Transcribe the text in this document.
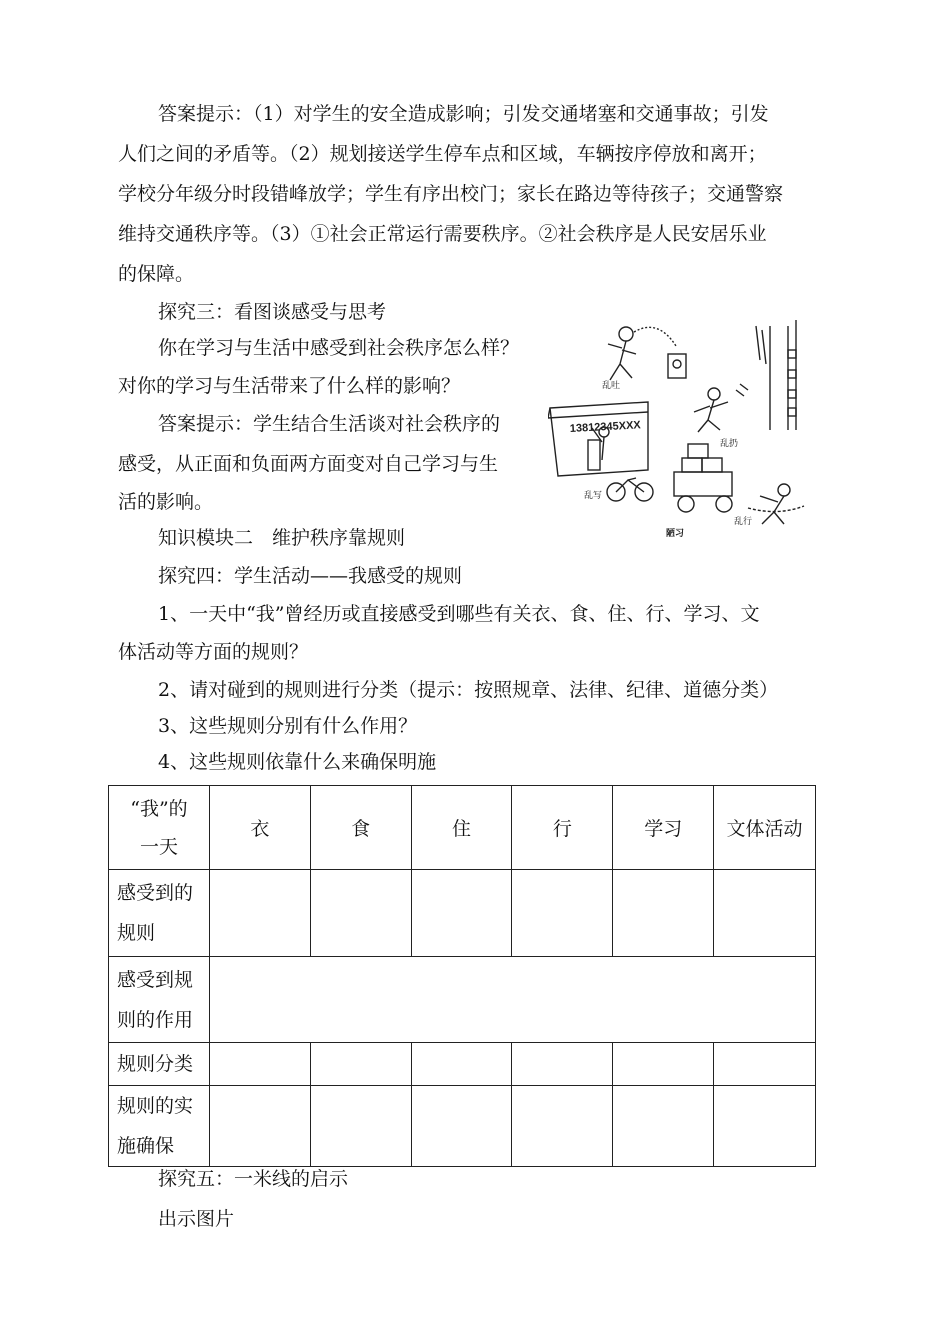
答案提示：（1）对学生的安全造成影响；引发交通堵塞和交通事故；引发
人们之间的矛盾等。（2）规划接送学生停车点和区域，车辆按序停放和离开；
学校分年级分时段错峰放学；学生有序出校门；家长在路边等待孩子；交通警察
维持交通秩序等。（3）①社会正常运行需要秩序。②社会秩序是人民安居乐业
的保障。
探究三：看图谈感受与思考
你在学习与生活中感受到社会秩序怎么样？
对你的学习与生活带来了什么样的影响？
答案提示：学生结合生活谈对社会秩序的
感受，从正面和负面两方面变对自己学习与生
活的影响。
13812345XXX
乱吐
乱扔
乱写
乱行
陋习
知识模块二　维护秩序靠规则
探究四：学生活动——我感受的规则
1、一天中“我”曾经历或直接感受到哪些有关衣、食、住、行、学习、文
体活动等方面的规则？
2、请对碰到的规则进行分类（提示：按照规章、法律、纪律、道德分类）
3、这些规则分别有什么作用？
4、这些规则依靠什么来确保明施
“我”的
一天	衣	食	住	行	学习	文体活动

感受到的
规则						

感受到规
则的作用						

规则分类						

规则的实
施确保						

探究五：一米线的启示
出示图片
